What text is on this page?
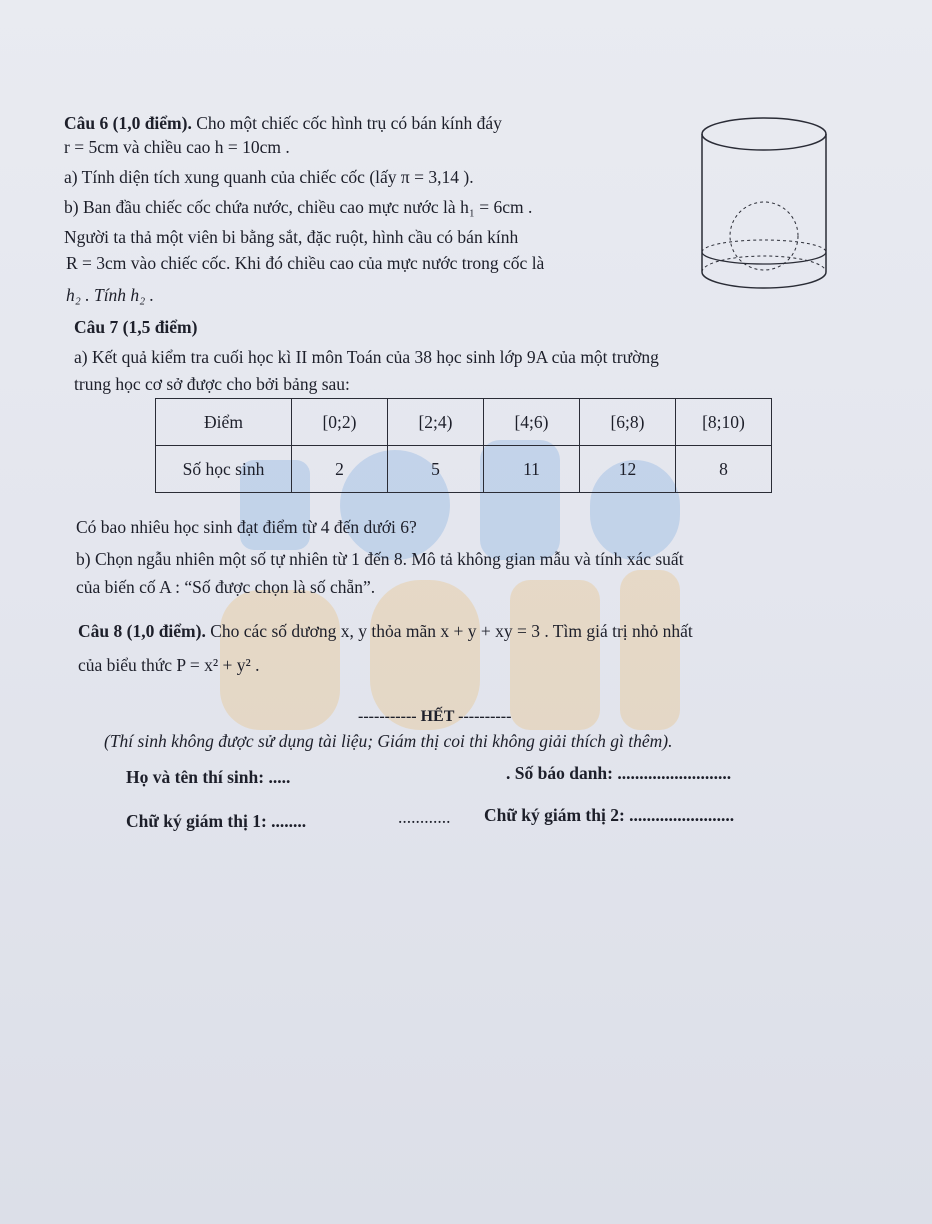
Câu 6 (1,0 điểm). Cho một chiếc cốc hình trụ có bán kính đáy
r = 5cm và chiều cao h = 10cm .
a) Tính diện tích xung quanh của chiếc cốc (lấy π = 3,14 ).
b) Ban đầu chiếc cốc chứa nước, chiều cao mực nước là h₁ = 6cm .
Người ta thả một viên bi bằng sắt, đặc ruột, hình cầu có bán kính
R = 3cm vào chiếc cốc. Khi đó chiều cao của mực nước trong cốc là
h₂ . Tính h₂ .
Câu 7 (1,5 điểm)
a) Kết quả kiểm tra cuối học kì II môn Toán của 38 học sinh lớp 9A của một trường
trung học cơ sở được cho bởi bảng sau:
Điểm	[0;2)	[2;4)	[4;6)	[6;8)	[8;10)
Số học sinh	2	5	11	12	8
Có bao nhiêu học sinh đạt điểm từ 4 đến dưới 6?
b) Chọn ngẫu nhiên một số tự nhiên từ 1 đến 8. Mô tả không gian mẫu và tính xác suất
của biến cố A : “Số được chọn là số chẵn”.
Câu 8 (1,0 điểm). Cho các số dương x, y thỏa mãn x + y + xy = 3 . Tìm giá trị nhỏ nhất
của biểu thức P = x² + y² .
----------- HẾT ----------
(Thí sinh không được sử dụng tài liệu; Giám thị coi thi không giải thích gì thêm).
Họ và tên thí sinh: .....	. Số báo danh: ..........................
Chữ ký giám thị 1: ........	............ Chữ ký giám thị 2: ........................
